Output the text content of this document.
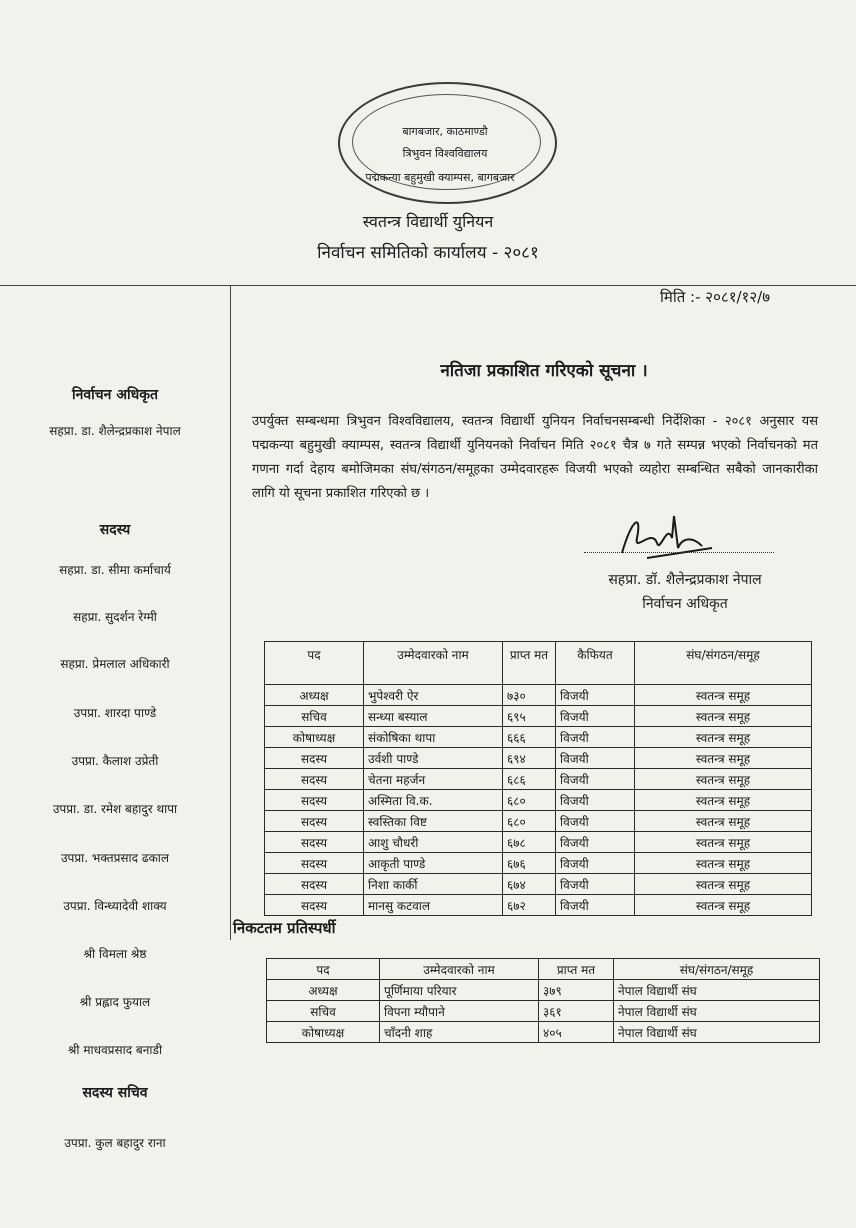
बागबजार, काठमाण्डौ
त्रिभुवन विश्वविद्यालय
पद्मकन्या बहुमुखी क्याम्पस, बागबजार
स्वतन्त्र विद्यार्थी युनियन
निर्वाचन समितिको कार्यालय - २०८१
मिति :- २०८१/१२/७
निर्वाचन अधिकृत
सहप्रा. डा. शैलेन्द्रप्रकाश नेपाल
सदस्य
सहप्रा. डा. सीमा कर्माचार्य
सहप्रा. सुदर्शन रेग्मी
सहप्रा. प्रेमलाल अधिकारी
उपप्रा. शारदा पाण्डे
उपप्रा. कैलाश उप्रेती
उपप्रा. डा. रमेश बहादुर थापा
उपप्रा. भक्तप्रसाद ढकाल
उपप्रा. विन्ध्यादेवी शाक्य
श्री विमला श्रेष्ठ
श्री प्रह्लाद फुयाल
श्री माधवप्रसाद बनाडी
सदस्य सचिव
उपप्रा. कुल बहादुर राना
नतिजा प्रकाशित गरिएको सूचना ।
उपर्युक्त सम्बन्धमा त्रिभुवन विश्वविद्यालय, स्वतन्त्र विद्यार्थी युनियन निर्वाचनसम्बन्धी निर्देशिका - २०८१ अनुसार यस पद्मकन्या बहुमुखी क्याम्पस, स्वतन्त्र विद्यार्थी युनियनको निर्वाचन मिति २०८१ चैत्र ७ गते सम्पन्न भएको निर्वाचनको मत गणना गर्दा देहाय बमोजिमका संघ/संगठन/समूहका उम्मेदवारहरू विजयी भएको व्यहोरा सम्बन्धित सबैको जानकारीका लागि यो सूचना प्रकाशित गरिएको छ ।
सहप्रा. डॉ. शैलेन्द्रप्रकाश नेपाल
निर्वाचन अधिकृत
पद	उम्मेदवारको नाम	प्राप्त मत	कैफियत	संघ/संगठन/समूह
अध्यक्ष	भुपेश्वरी ऐर	७३०	विजयी	स्वतन्त्र समूह
सचिव	सन्ध्या बस्याल	६९५	विजयी	स्वतन्त्र समूह
कोषाध्यक्ष	संकोषिका थापा	६६६	विजयी	स्वतन्त्र समूह
सदस्य	उर्वशी पाण्डे	६९४	विजयी	स्वतन्त्र समूह
सदस्य	चेतना महर्जन	६८६	विजयी	स्वतन्त्र समूह
सदस्य	अस्मिता वि.क.	६८०	विजयी	स्वतन्त्र समूह
सदस्य	स्वस्तिका विष्ट	६८०	विजयी	स्वतन्त्र समूह
सदस्य	आशु चौधरी	६७८	विजयी	स्वतन्त्र समूह
सदस्य	आकृती पाण्डे	६७६	विजयी	स्वतन्त्र समूह
सदस्य	निशा कार्की	६७४	विजयी	स्वतन्त्र समूह
सदस्य	मानसु कटवाल	६७२	विजयी	स्वतन्त्र समूह
निकटतम प्रतिस्पर्धी
पद	उम्मेदवारको नाम	प्राप्त मत	संघ/संगठन/समूह
अध्यक्ष	पूर्णिमाया परियार	३७९	नेपाल विद्यार्थी संघ
सचिव	विपना म्यौपाने	३६१	नेपाल विद्यार्थी संघ
कोषाध्यक्ष	चाँदनी शाह	४०५	नेपाल विद्यार्थी संघ
